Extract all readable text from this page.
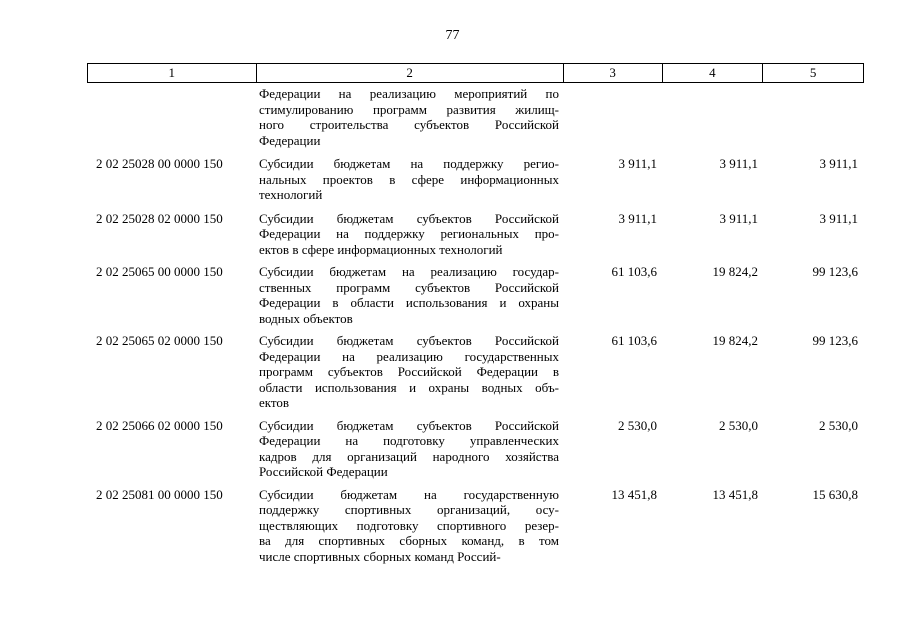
77
1	2	3	4	5
Федерации на реализацию мероприятий по
стимулированию программ развития жилищ-
ного строительства субъектов Российской
Федерации
2 02 25028 00 0000 150	Субсидии бюджетам на поддержку регио-
нальных проектов в сфере информационных
технологий
3 911,1	3 911,1	3 911,1
2 02 25028 02 0000 150	Субсидии бюджетам субъектов Российской
Федерации на поддержку региональных про-
ектов в сфере информационных технологий
3 911,1	3 911,1	3 911,1
2 02 25065 00 0000 150	Субсидии бюджетам на реализацию государ-
ственных программ субъектов Российской
Федерации в области использования и охраны
водных объектов
61 103,6	19 824,2	99 123,6
2 02 25065 02 0000 150	Субсидии бюджетам субъектов Российской
Федерации на реализацию государственных
программ субъектов Российской Федерации в
области использования и охраны водных объ-
ектов
61 103,6	19 824,2	99 123,6
2 02 25066 02 0000 150	Субсидии бюджетам субъектов Российской
Федерации на подготовку управленческих
кадров для организаций народного хозяйства
Российской Федерации
2 530,0	2 530,0	2 530,0
2 02 25081 00 0000 150	Субсидии бюджетам на государственную
поддержку спортивных организаций, осу-
ществляющих подготовку спортивного резер-
ва для спортивных сборных команд, в том
числе спортивных сборных команд Россий-
13 451,8	13 451,8	15 630,8
